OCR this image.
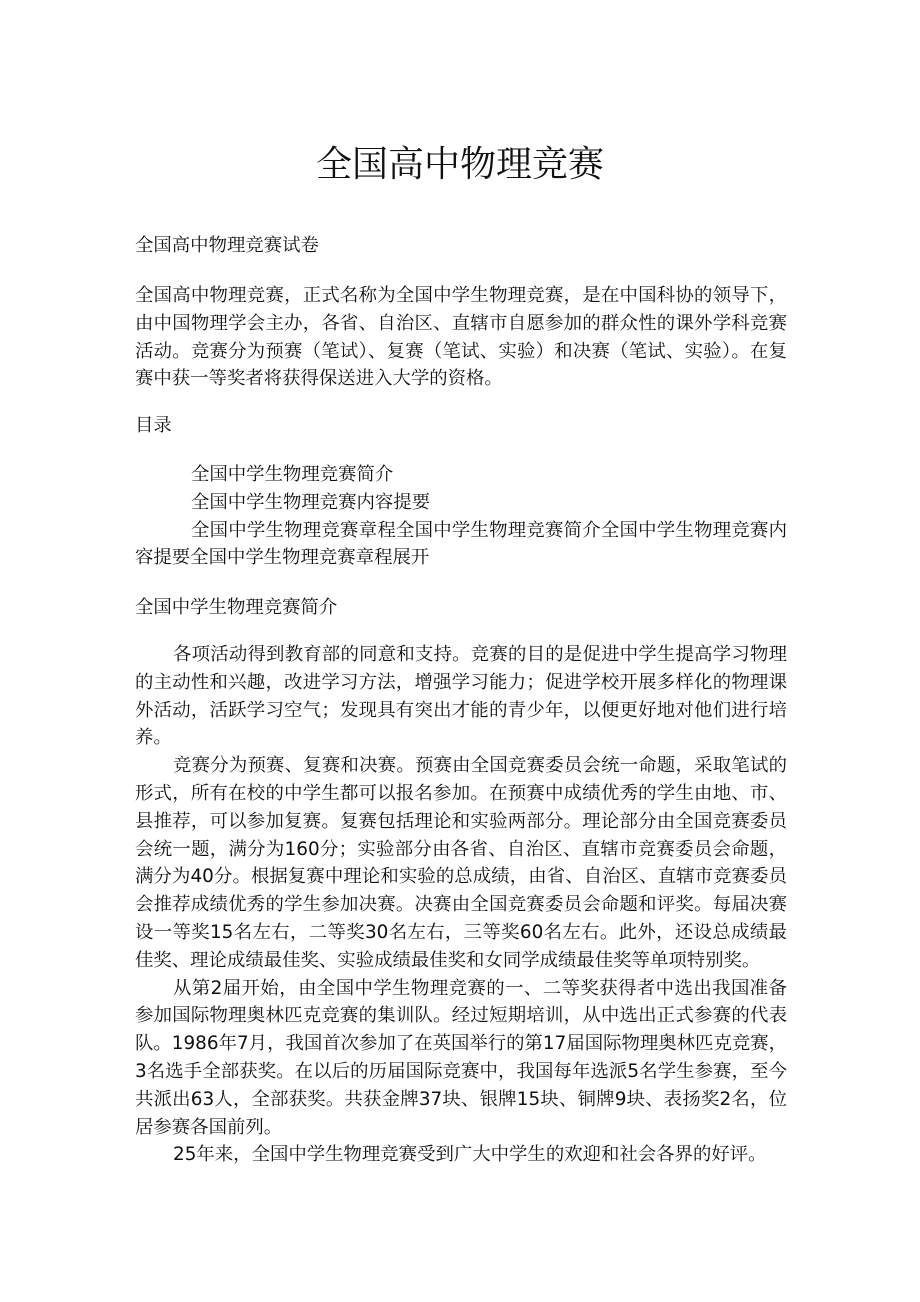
全国高中物理竞赛

全国高中物理竞赛试卷

全国高中物理竞赛，正式名称为全国中学生物理竞赛，是在中国科协的领导下，由中国物理学会主办，各省、自治区、直辖市自愿参加的群众性的课外学科竞赛活动。竞赛分为预赛（笔试）、复赛（笔试、实验）和决赛（笔试、实验）。在复赛中获一等奖者将获得保送进入大学的资格。

目录

全国中学生物理竞赛简介

全国中学生物理竞赛内容提要

全国中学生物理竞赛章程全国中学生物理竞赛简介全国中学生物理竞赛内容提要全国中学生物理竞赛章程展开

全国中学生物理竞赛简介

各项活动得到教育部的同意和支持。竞赛的目的是促进中学生提高学习物理的主动性和兴趣，改进学习方法，增强学习能力；促进学校开展多样化的物理课外活动，活跃学习空气；发现具有突出才能的青少年，以便更好地对他们进行培养。

竞赛分为预赛、复赛和决赛。预赛由全国竞赛委员会统一命题，采取笔试的形式，所有在校的中学生都可以报名参加。在预赛中成绩优秀的学生由地、市、县推荐，可以参加复赛。复赛包括理论和实验两部分。理论部分由全国竞赛委员会统一题，满分为160分；实验部分由各省、自治区、直辖市竞赛委员会命题，满分为40分。根据复赛中理论和实验的总成绩，由省、自治区、直辖市竞赛委员会推荐成绩优秀的学生参加决赛。决赛由全国竞赛委员会命题和评奖。每届决赛设一等奖15名左右，二等奖30名左右，三等奖60名左右。此外，还设总成绩最佳奖、理论成绩最佳奖、实验成绩最佳奖和女同学成绩最佳奖等单项特别奖。

从第2届开始，由全国中学生物理竞赛的一、二等奖获得者中选出我国准备参加国际物理奥林匹克竞赛的集训队。经过短期培训，从中选出正式参赛的代表队。1986年7月，我国首次参加了在英国举行的第17届国际物理奥林匹克竞赛，3名选手全部获奖。在以后的历届国际竞赛中，我国每年选派5名学生参赛，至今共派出63人，全部获奖。共获金牌37块、银牌15块、铜牌9块、表扬奖2名，位居参赛各国前列。

25年来，全国中学生物理竞赛受到广大中学生的欢迎和社会各界的好评。
